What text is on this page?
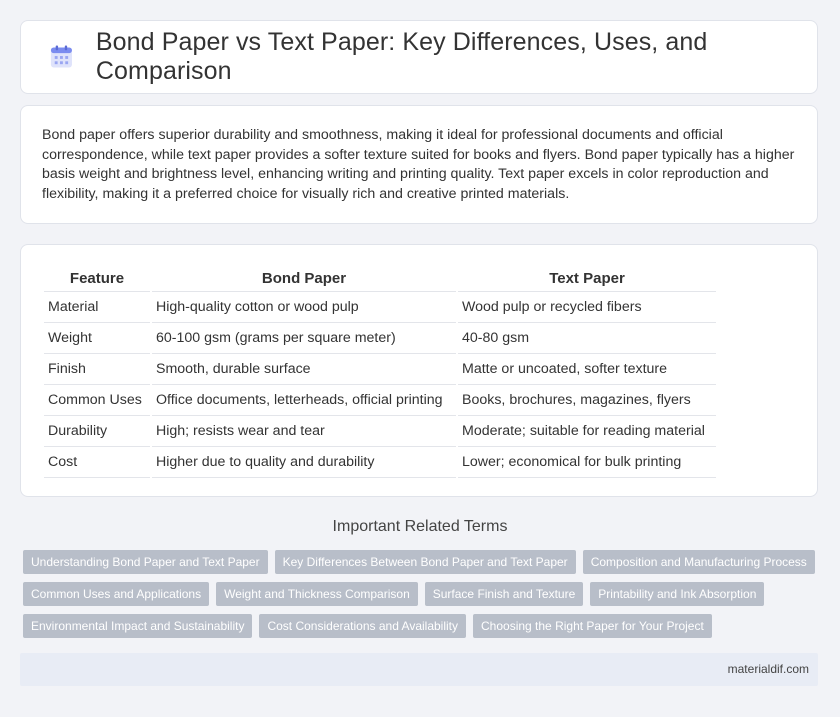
Bond Paper vs Text Paper: Key Differences, Uses, and Comparison

Bond paper offers superior durability and smoothness, making it ideal for professional documents and official correspondence, while text paper provides a softer texture suited for books and flyers. Bond paper typically has a higher basis weight and brightness level, enhancing writing and printing quality. Text paper excels in color reproduction and flexibility, making it a preferred choice for visually rich and creative printed materials.

Feature	Bond Paper	Text Paper
Material	High-quality cotton or wood pulp	Wood pulp or recycled fibers
Weight	60-100 gsm (grams per square meter)	40-80 gsm
Finish	Smooth, durable surface	Matte or uncoated, softer texture
Common Uses	Office documents, letterheads, official printing	Books, brochures, magazines, flyers
Durability	High; resists wear and tear	Moderate; suitable for reading material
Cost	Higher due to quality and durability	Lower; economical for bulk printing
Important Related Terms
Understanding Bond Paper and Text Paper	Key Differences Between Bond Paper and Text Paper	Composition and Manufacturing Process
Common Uses and Applications	Weight and Thickness Comparison	Surface Finish and Texture	Printability and Ink Absorption
Environmental Impact and Sustainability	Cost Considerations and Availability	Choosing the Right Paper for Your Project
materialdif.com
